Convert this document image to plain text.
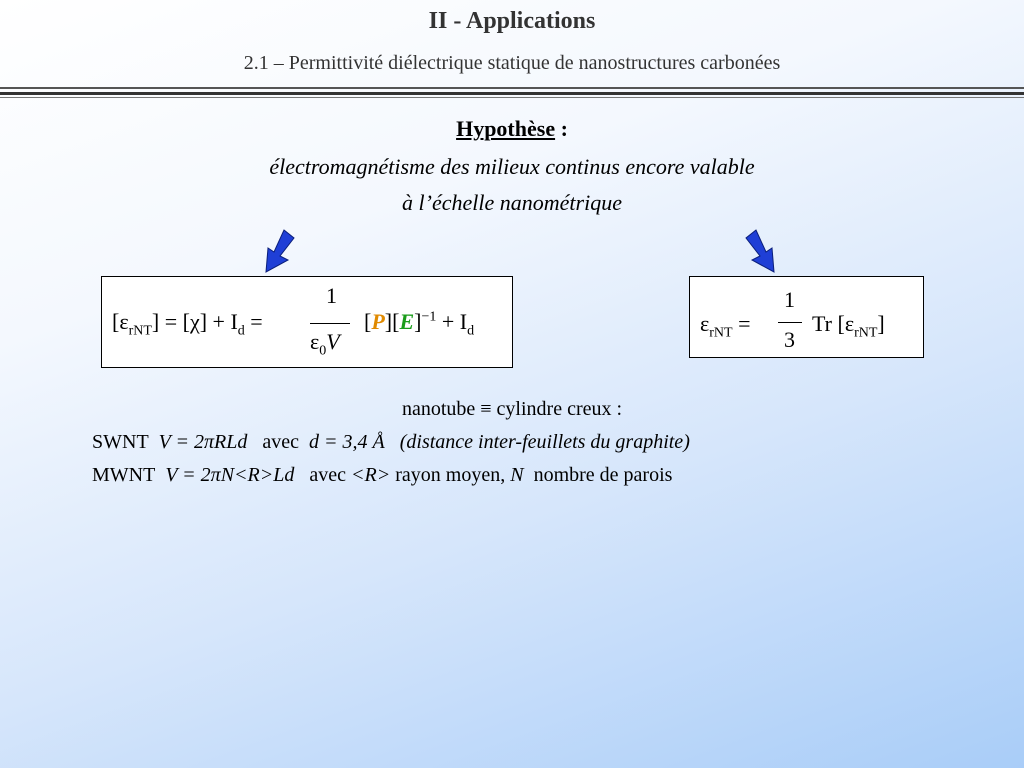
II - Applications
2.1 – Permittivité diélectrique statique de nanostructures carbonées
Hypothèse :
électromagnétisme des milieux continus encore valable
à l’échelle nanométrique
$[\varepsilon_{rNT}] = [\chi] + I_d$ =
1
$\varepsilon_0V$
$[P][E]^{-1} + I_d$	$\varepsilon_{rNT}$ =
1
3
Tr $[\varepsilon_{rNT}]$
nanotube ≡ cylindre creux :
SWNT V = 2πRLd avec d = 3,4 Å (distance inter-feuillets du graphite)
MWNT V = 2πN<R>Ld avec <R> rayon moyen, N nombre de parois
